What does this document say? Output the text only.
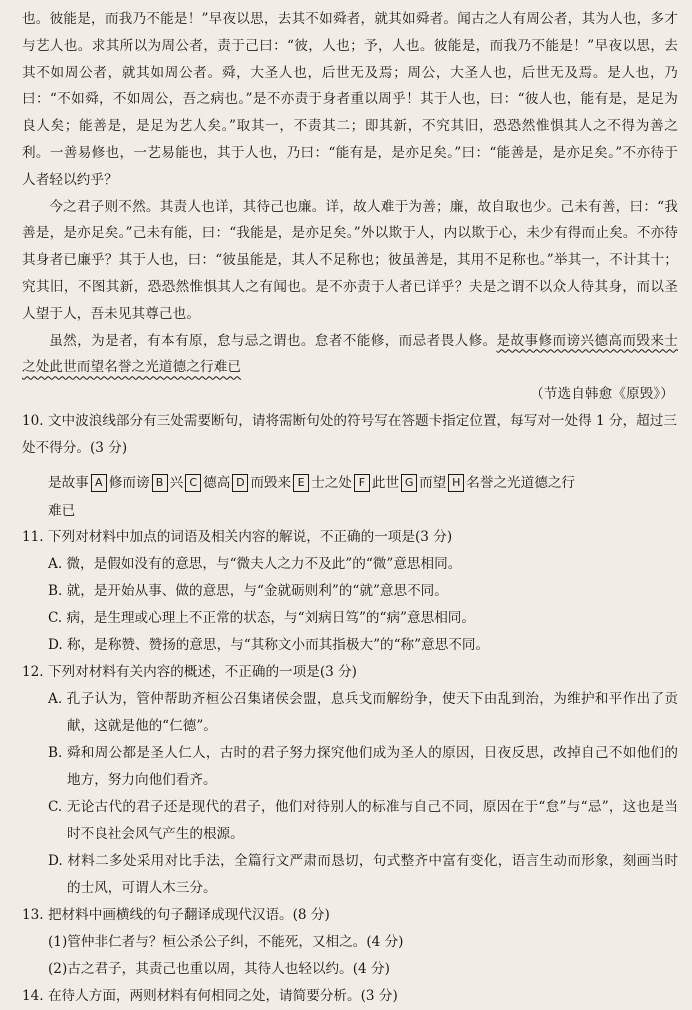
也。彼能是，而我乃不能是！”早夜以思，去其不如舜者，就其如舜者。闻古之人有周公者，其为人也，多才与艺人也。求其所以为周公者，责于己曰：“彼，人也；予，人也。彼能是，而我乃不能是！”早夜以思，去其不如周公者，就其如周公者。舜，大圣人也，后世无及焉；周公，大圣人也，后世无及焉。是人也，乃曰：“不如舜，不如周公，吾之病也。”是不亦责于身者重以周乎！其于人也，曰：“彼人也，能有是，是足为良人矣；能善是，是足为艺人矣。”取其一，不责其二；即其新，不究其旧，恐恐然惟惧其人之不得为善之利。一善易修也，一艺易能也，其于人也，乃曰：“能有是，是亦足矣。”曰：“能善是，是亦足矣。”不亦待于人者轻以约乎？

今之君子则不然。其责人也详，其待己也廉。详，故人难于为善；廉，故自取也少。己未有善，曰：“我善是，是亦足矣。”己未有能，曰：“我能是，是亦足矣。”外以欺于人，内以欺于心，未少有得而止矣。不亦待其身者已廉乎？其于人也，曰：“彼虽能是，其人不足称也；彼虽善是，其用不足称也。”举其一，不计其十；究其旧，不图其新，恐恐然惟惧其人之有闻也。是不亦责于人者已详乎？夫是之谓不以众人待其身，而以圣人望于人，吾未见其尊己也。

虽然，为是者，有本有原，怠与忌之谓也。怠者不能修，而忌者畏人修。是故事修而谤兴德高而毁来士之处此世而望名誉之光道德之行难已

（节选自韩愈《原毁》）

10. 文中波浪线部分有三处需要断句，请将需断句处的符号写在答题卡指定位置，每写对一处得 1 分，超过三处不得分。(3 分)

是故事 A 修而谤 B 兴 C 德高 D 而毁来 E 士之处 F 此世 G 而望 H 名誉之光道德之行

难已

11. 下列对材料中加点的词语及相关内容的解说，不正确的一项是(3 分)

A. 微，是假如没有的意思，与“微夫人之力不及此”的“微”意思相同。

B. 就，是开始从事、做的意思，与“金就砺则利”的“就”意思不同。

C. 病，是生理或心理上不正常的状态，与“刘病日笃”的“病”意思相同。

D. 称，是称赞、赞扬的意思，与“其称文小而其指极大”的“称”意思不同。

12. 下列对材料有关内容的概述，不正确的一项是(3 分)

A. 孔子认为，管仲帮助齐桓公召集诸侯会盟，息兵戈而解纷争，使天下由乱到治，为维护和平作出了贡献，这就是他的“仁德”。

B. 舜和周公都是圣人仁人，古时的君子努力探究他们成为圣人的原因，日夜反思，改掉自己不如他们的地方，努力向他们看齐。

C. 无论古代的君子还是现代的君子，他们对待别人的标准与自己不同，原因在于“怠”与“忌”，这也是当时不良社会风气产生的根源。

D. 材料二多处采用对比手法，全篇行文严肃而恳切，句式整齐中富有变化，语言生动而形象，刻画当时的士风，可谓人木三分。

13. 把材料中画横线的句子翻译成现代汉语。(8 分)

(1)管仲非仁者与？桓公杀公子纠，不能死，又相之。(4 分)

(2)古之君子，其责己也重以周，其待人也轻以约。(4 分)

14. 在待人方面，两则材料有何相同之处，请简要分析。(3 分)
